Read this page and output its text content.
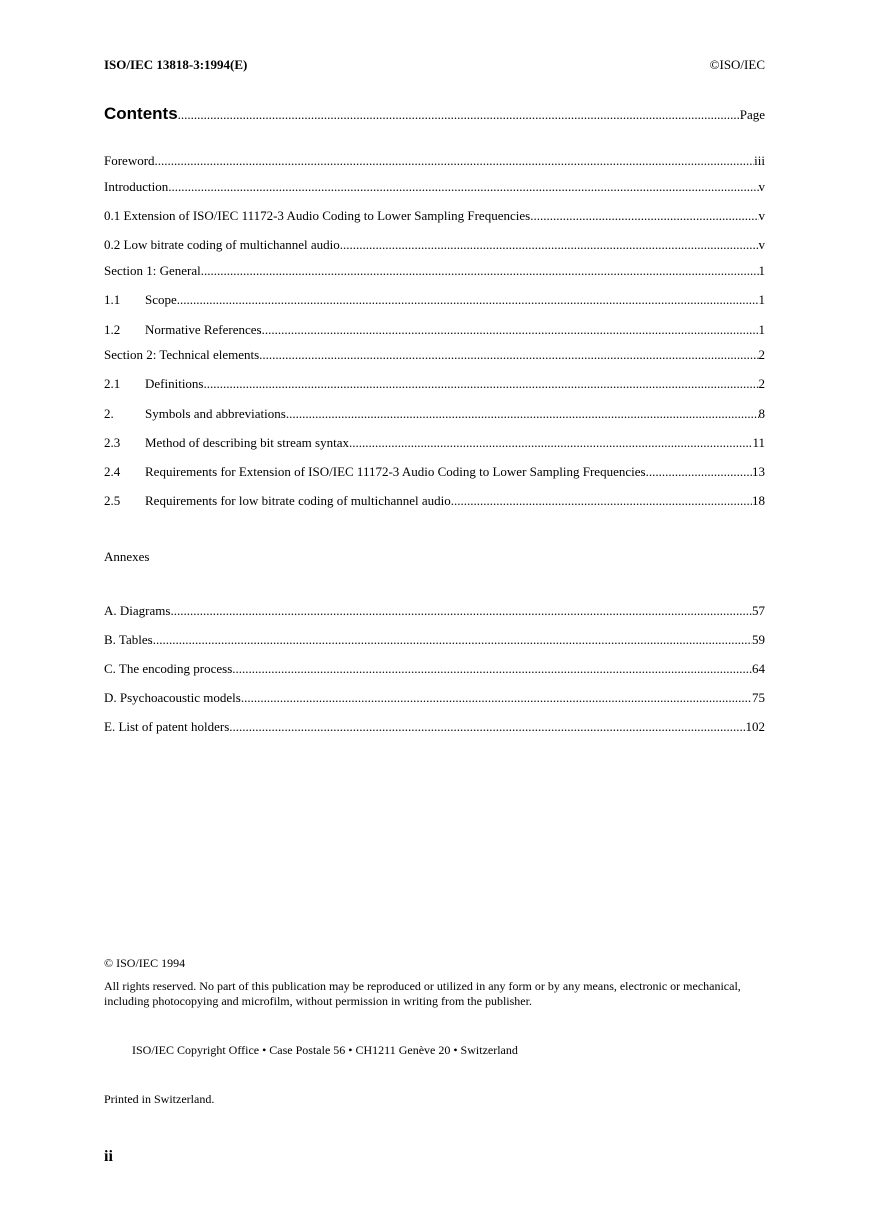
ISO/IEC 13818-3:1994(E)	©ISO/IEC
Contents .....	Page
Foreword .....	iii
Introduction .....	v
0.1 Extension of ISO/IEC 11172-3 Audio Coding to Lower Sampling Frequencies .....	v
0.2 Low bitrate coding of multichannel audio .....	v
Section 1: General .....	1
1.1	Scope .....	1
1.2	Normative References .....	1
Section 2: Technical elements .....	2
2.1	Definitions .....	2
2.	Symbols and abbreviations .....	8
2.3	Method of describing bit stream syntax .....	11
2.4	Requirements for Extension of ISO/IEC 11172-3 Audio Coding to Lower Sampling Frequencies .....	13
2.5	Requirements for low bitrate coding of multichannel audio .....	18
Annexes
A. Diagrams .....	57
B. Tables .....	59
C. The encoding process .....	64
D. Psychoacoustic models .....	75
E. List of patent holders .....	102
© ISO/IEC 1994
All rights reserved. No part of this publication may be reproduced or utilized in any form or by any means, electronic or mechanical, including photocopying and microfilm, without permission in writing from the publisher.
ISO/IEC Copyright Office • Case Postale 56 • CH1211 Genève 20 • Switzerland
Printed in Switzerland.
ii
